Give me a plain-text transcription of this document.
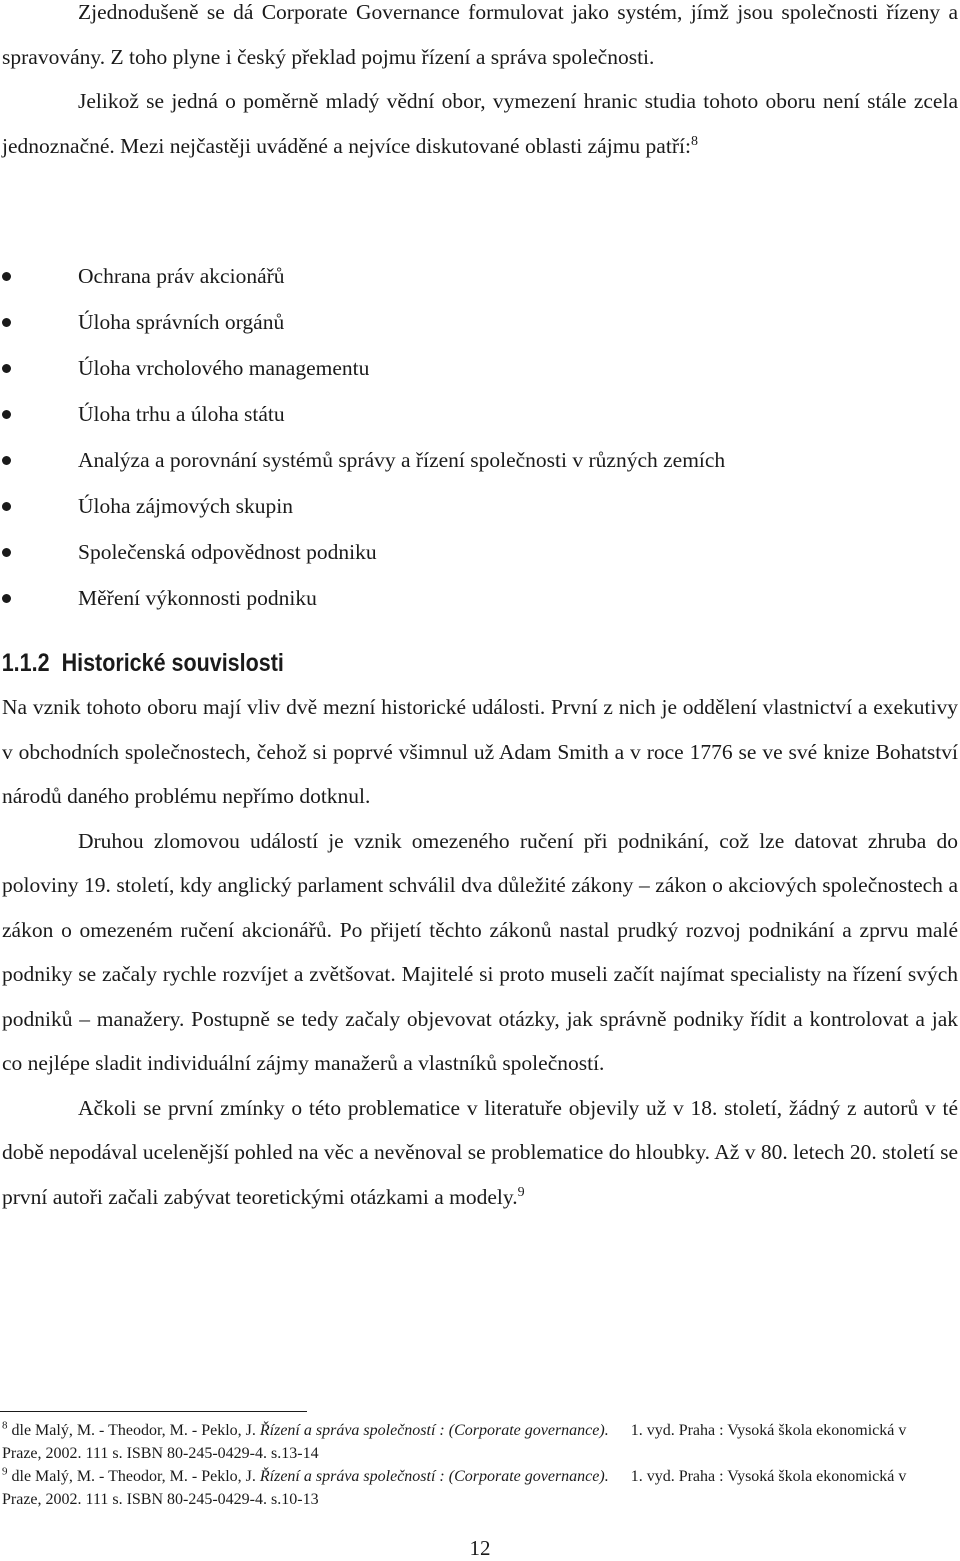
Zjednodušeně se dá Corporate Governance formulovat jako systém, jímž jsou společnosti řízeny a spravovány. Z toho plyne i český překlad pojmu řízení a správa společnosti.

Jelikož se jedná o poměrně mladý vědní obor, vymezení hranic studia tohoto oboru není stále zcela jednoznačné. Mezi nejčastěji uváděné a nejvíce diskutované oblasti zájmu patří:$^8$

Ochrana práv akcionářů
Úloha správních orgánů
Úloha vrcholového managementu
Úloha trhu a úloha státu
Analýza a porovnání systémů správy a řízení společnosti v různých zemích
Úloha zájmových skupin
Společenská odpovědnost podniku
Měření výkonnosti podniku
1.1.2 Historické souvislosti

Na vznik tohoto oboru mají vliv dvě mezní historické události. První z nich je oddělení vlastnictví a exekutivy v obchodních společnostech, čehož si poprvé všimnul už Adam Smith a v roce 1776 se ve své knize Bohatství národů daného problému nepřímo dotknul.

Druhou zlomovou událostí je vznik omezeného ručení při podnikání, což lze datovat zhruba do poloviny 19. století, kdy anglický parlament schválil dva důležité zákony – zákon o akciových společnostech a zákon o omezeném ručení akcionářů. Po přijetí těchto zákonů nastal prudký rozvoj podnikání a zprvu malé podniky se začaly rychle rozvíjet a zvětšovat. Majitelé si proto museli začít najímat specialisty na řízení svých podniků – manažery. Postupně se tedy začaly objevovat otázky, jak správně podniky řídit a kontrolovat a jak co nejlépe sladit individuální zájmy manažerů a vlastníků společností.

Ačkoli se první zmínky o této problematice v literatuře objevily už v 18. století, žádný z autorů v té době nepodával ucelenější pohled na věc a nevěnoval se problematice do hloubky. Až v 80. letech 20. století se první autoři začali zabývat teoretickými otázkami a modely.$^9$

$^8$ dle Malý, M. - Theodor, M. - Peklo, J. Řízení a správa společností : (Corporate governance). 1. vyd. Praha : Vysoká škola ekonomická v Praze, 2002. 111 s. ISBN 80-245-0429-4. s.13-14

$^9$ dle Malý, M. - Theodor, M. - Peklo, J. Řízení a správa společností : (Corporate governance). 1. vyd. Praha : Vysoká škola ekonomická v Praze, 2002. 111 s. ISBN 80-245-0429-4. s.10-13

12
